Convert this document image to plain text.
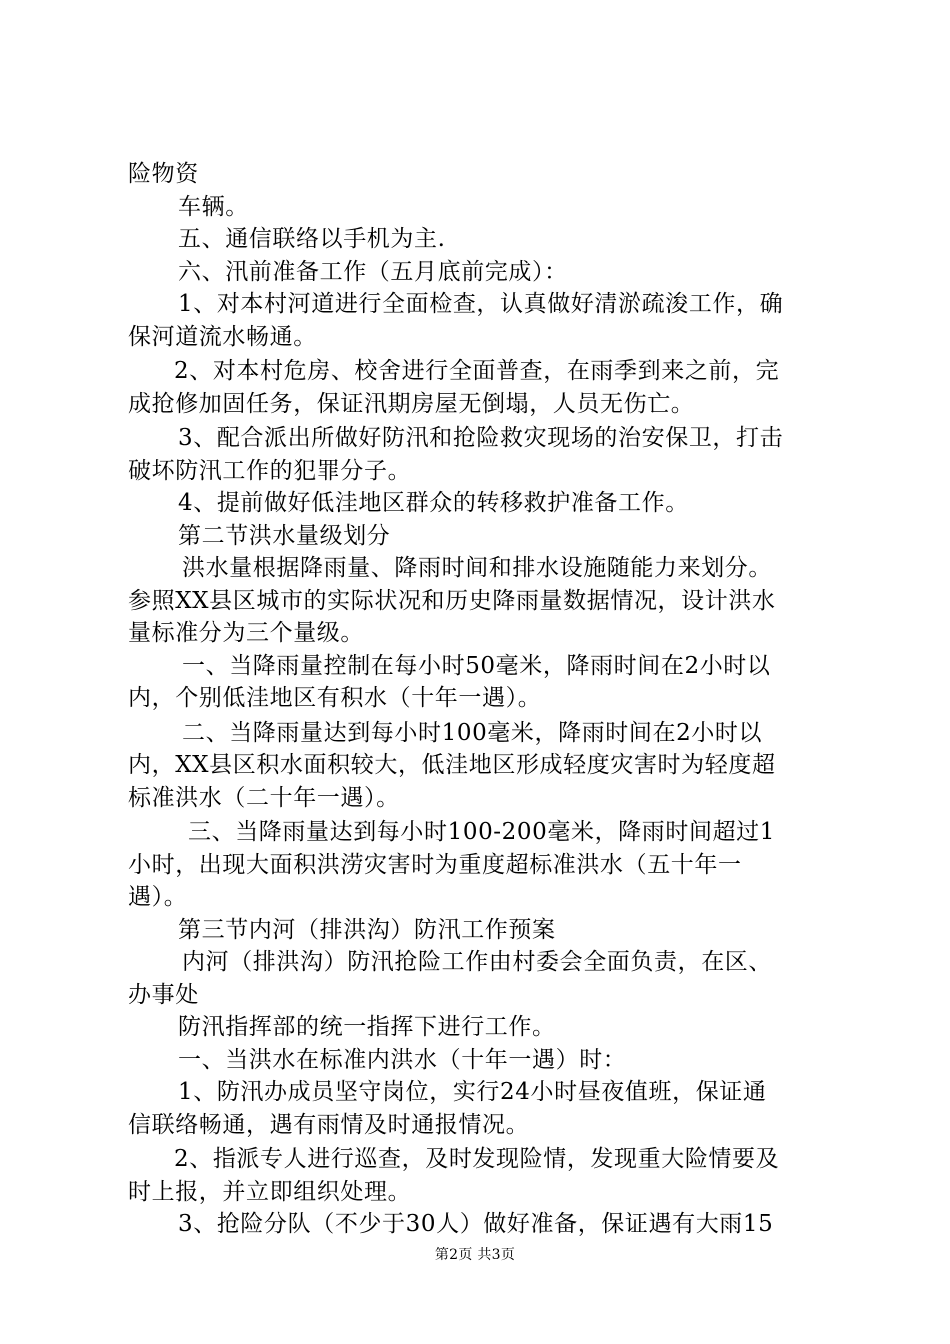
险物资
车辆。
五、通信联络以手机为主.
六、汛前准备工作（五月底前完成）：
1、对本村河道进行全面检查，认真做好清淤疏浚工作，确
保河道流水畅通。
2、对本村危房、校舍进行全面普查，在雨季到来之前，完
成抢修加固任务，保证汛期房屋无倒塌，人员无伤亡。
3、配合派出所做好防汛和抢险救灾现场的治安保卫，打击
破坏防汛工作的犯罪分子。
4、提前做好低洼地区群众的转移救护准备工作。
第二节洪水量级划分
洪水量根据降雨量、降雨时间和排水设施随能力来划分。
参照XX县区城市的实际状况和历史降雨量数据情况，设计洪水
量标准分为三个量级。
一、当降雨量控制在每小时50毫米，降雨时间在2小时以
内，个别低洼地区有积水（十年一遇）。
二、当降雨量达到每小时100毫米，降雨时间在2小时以
内，XX县区积水面积较大，低洼地区形成轻度灾害时为轻度超
标准洪水（二十年一遇）。
三、当降雨量达到每小时100-200毫米，降雨时间超过1
小时，出现大面积洪涝灾害时为重度超标准洪水（五十年一
遇）。
第三节内河（排洪沟）防汛工作预案
内河（排洪沟）防汛抢险工作由村委会全面负责，在区、
办事处
防汛指挥部的统一指挥下进行工作。
一、当洪水在标准内洪水（十年一遇）时：
1、防汛办成员坚守岗位，实行24小时昼夜值班，保证通
信联络畅通，遇有雨情及时通报情况。
2、指派专人进行巡查，及时发现险情，发现重大险情要及
时上报，并立即组织处理。
3、抢险分队（不少于30人）做好准备，保证遇有大雨15
第2页 共3页
